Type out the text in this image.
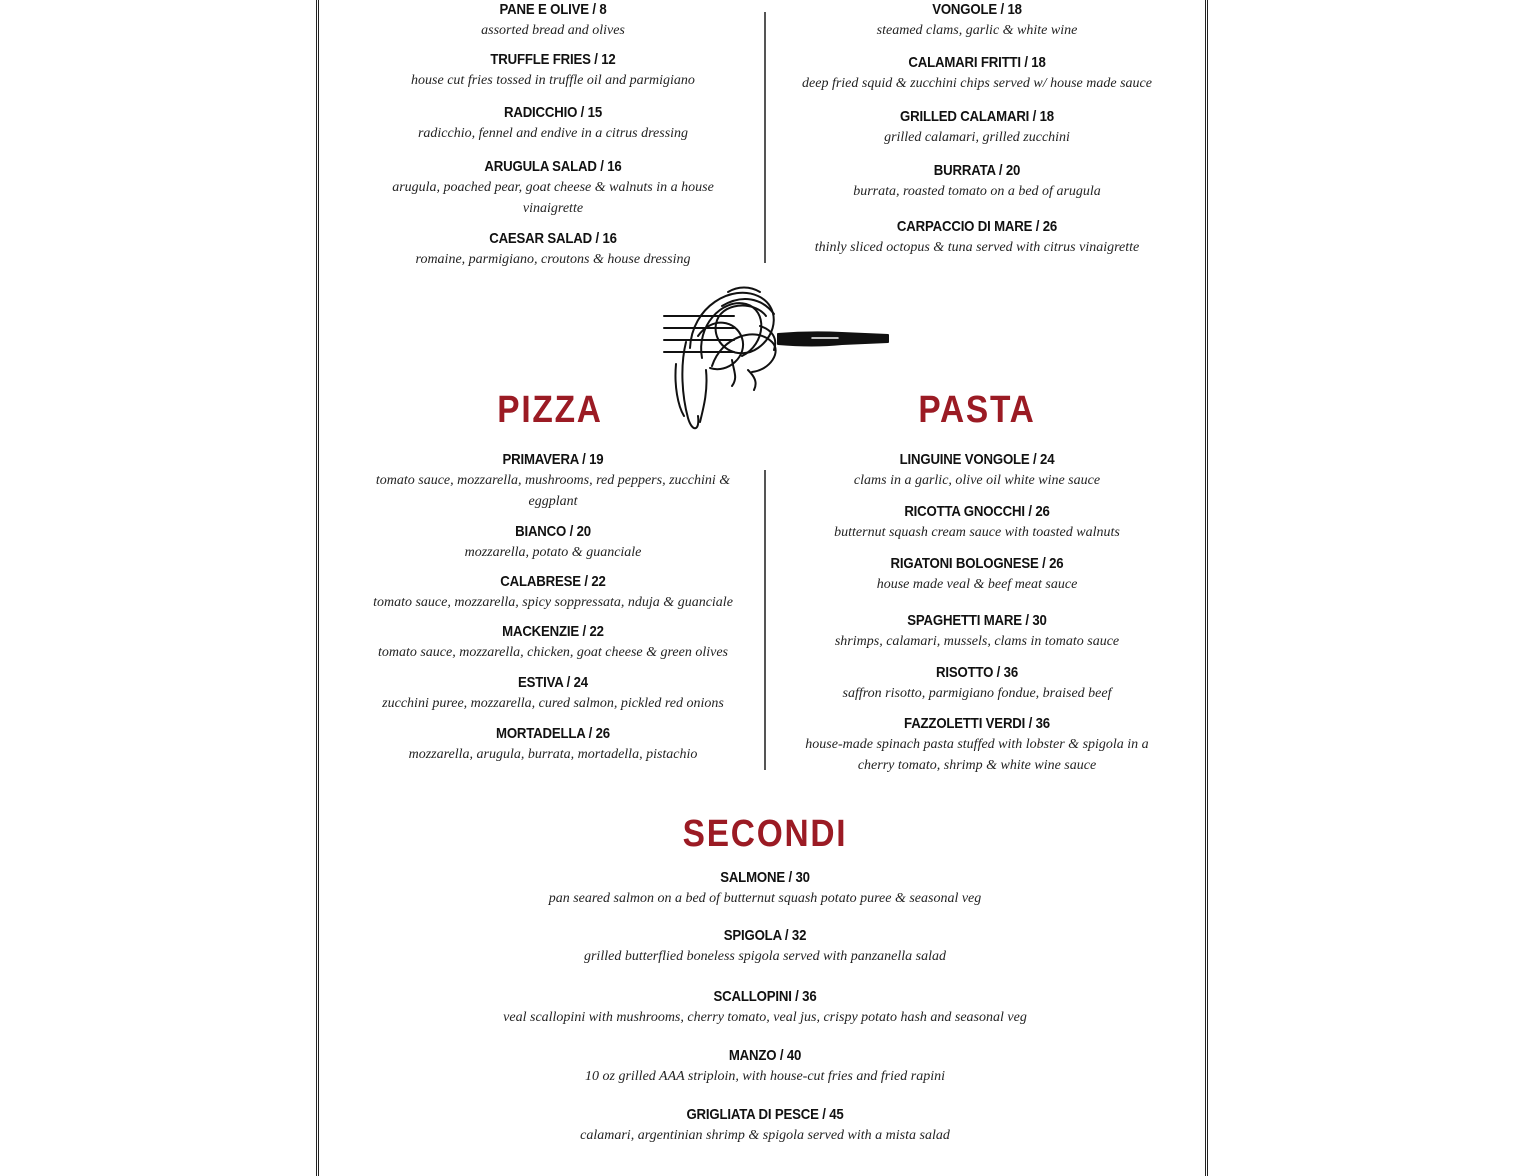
PANE E OLIVE / 8
assorted bread and olives
TRUFFLE FRIES / 12
house cut fries tossed in truffle oil and parmigiano
RADICCHIO / 15
radicchio, fennel and endive in a citrus dressing
ARUGULA SALAD / 16
arugula, poached pear, goat cheese & walnuts in a house vinaigrette
CAESAR SALAD / 16
romaine, parmigiano, croutons & house dressing
VONGOLE / 18
steamed clams, garlic & white wine
CALAMARI FRITTI / 18
deep fried squid & zucchini chips served w/ house made sauce
GRILLED CALAMARI / 18
grilled calamari, grilled zucchini
BURRATA / 20
burrata, roasted tomato on a bed of arugula
CARPACCIO DI MARE / 26
thinly sliced octopus & tuna served with citrus vinaigrette
PIZZA
PRIMAVERA / 19
tomato sauce, mozzarella, mushrooms, red peppers, zucchini & eggplant
BIANCO / 20
mozzarella, potato & guanciale
CALABRESE / 22
tomato sauce, mozzarella, spicy soppressata, nduja & guanciale
MACKENZIE / 22
tomato sauce, mozzarella, chicken, goat cheese & green olives
ESTIVA / 24
zucchini puree, mozzarella, cured salmon, pickled red onions
MORTADELLA / 26
mozzarella, arugula, burrata, mortadella, pistachio
PASTA
LINGUINE VONGOLE / 24
clams in a garlic, olive oil white wine sauce
RICOTTA GNOCCHI / 26
butternut squash cream sauce with toasted walnuts
RIGATONI BOLOGNESE / 26
house made veal & beef meat sauce
SPAGHETTI MARE / 30
shrimps, calamari, mussels, clams in tomato sauce
RISOTTO / 36
saffron risotto, parmigiano fondue, braised beef
FAZZOLETTI VERDI / 36
house-made spinach pasta stuffed with lobster & spigola in a cherry tomato, shrimp & white wine sauce
SECONDI
SALMONE / 30
pan seared salmon on a bed of butternut squash potato puree & seasonal veg
SPIGOLA / 32
grilled butterflied boneless spigola served with panzanella salad
SCALLOPINI / 36
veal scallopini with mushrooms, cherry tomato, veal jus, crispy potato hash and seasonal veg
MANZO / 40
10 oz grilled AAA striploin, with house-cut fries and fried rapini
GRIGLIATA DI PESCE / 45
calamari, argentinian shrimp & spigola served with a mista salad
